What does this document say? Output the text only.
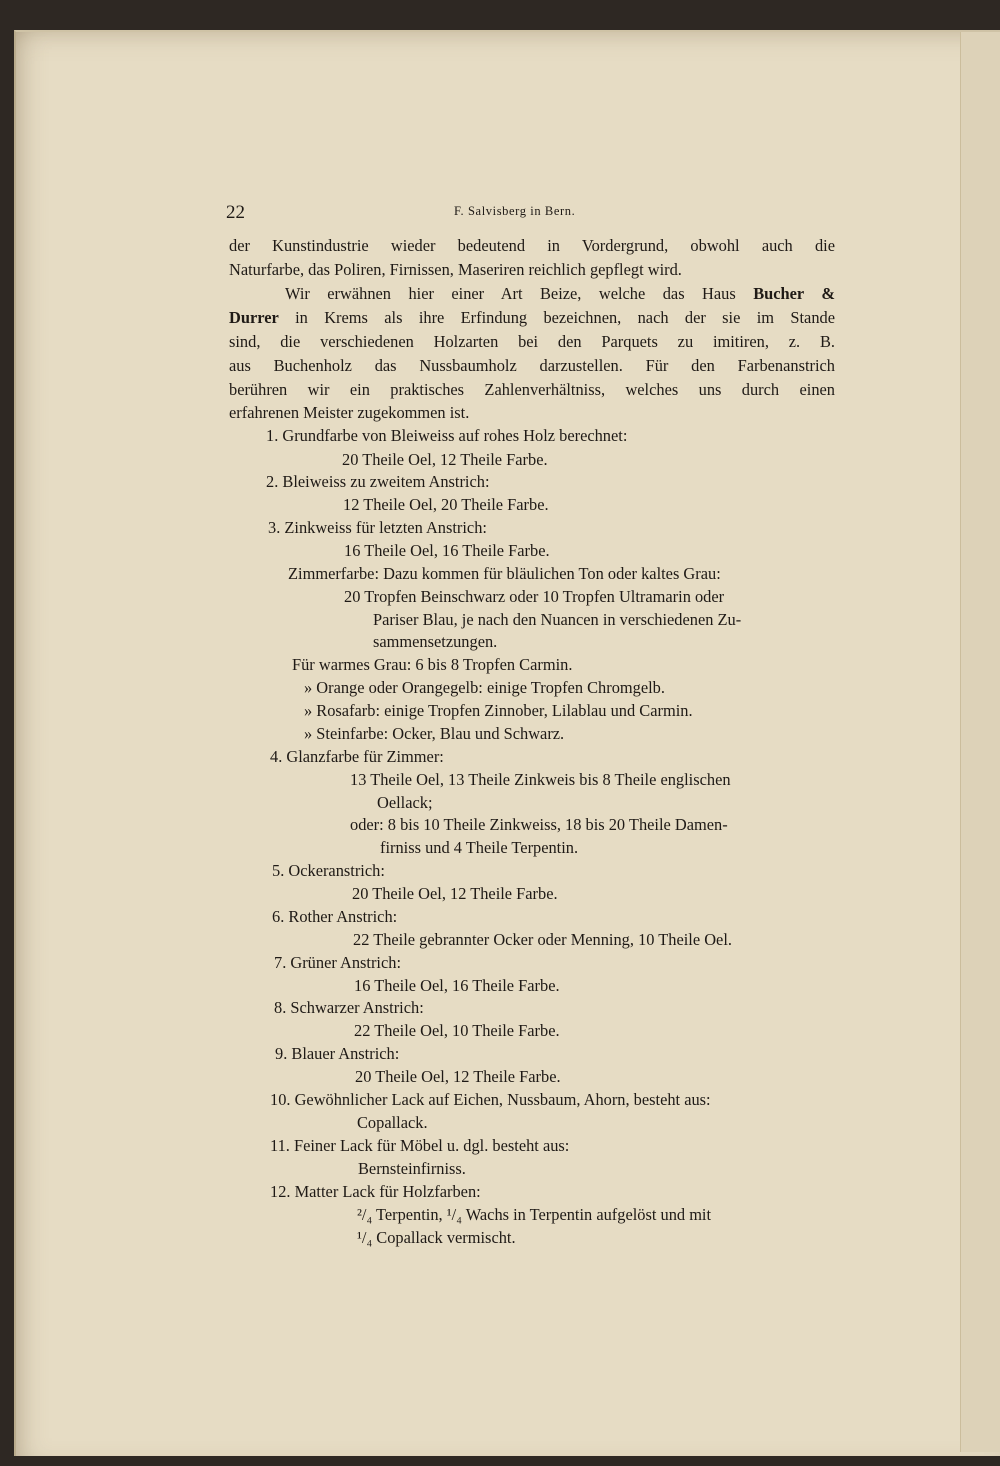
22	F. Salvisberg in Bern.
der Kunstindustrie wieder bedeutend in Vordergrund, obwohl auch die
Naturfarbe, das Poliren, Firnissen, Maseriren reichlich gepflegt wird.
Wir erwähnen hier einer Art Beize, welche das Haus Bucher &
Durrer in Krems als ihre Erfindung bezeichnen, nach der sie im Stande
sind, die verschiedenen Holzarten bei den Parquets zu imitiren, z. B.
aus Buchenholz das Nussbaumholz darzustellen. Für den Farbenanstrich
berühren wir ein praktisches Zahlenverhältniss, welches uns durch einen
erfahrenen Meister zugekommen ist.
1. Grundfarbe von Bleiweiss auf rohes Holz berechnet:
20 Theile Oel, 12 Theile Farbe.
2. Bleiweiss zu zweitem Anstrich:
12 Theile Oel, 20 Theile Farbe.
3. Zinkweiss für letzten Anstrich:
16 Theile Oel, 16 Theile Farbe.
Zimmerfarbe: Dazu kommen für bläulichen Ton oder kaltes Grau:
20 Tropfen Beinschwarz oder 10 Tropfen Ultramarin oder
Pariser Blau, je nach den Nuancen in verschiedenen Zu-
sammensetzungen.
Für warmes Grau: 6 bis 8 Tropfen Carmin.
» Orange oder Orangegelb: einige Tropfen Chromgelb.
» Rosafarb: einige Tropfen Zinnober, Lilablau und Carmin.
» Steinfarbe: Ocker, Blau und Schwarz.
4. Glanzfarbe für Zimmer:
13 Theile Oel, 13 Theile Zinkweis bis 8 Theile englischen
Oellack;
oder: 8 bis 10 Theile Zinkweiss, 18 bis 20 Theile Damen-
firniss und 4 Theile Terpentin.
5. Ockeranstrich:
20 Theile Oel, 12 Theile Farbe.
6. Rother Anstrich:
22 Theile gebrannter Ocker oder Menning, 10 Theile Oel.
7. Grüner Anstrich:
16 Theile Oel, 16 Theile Farbe.
8. Schwarzer Anstrich:
22 Theile Oel, 10 Theile Farbe.
9. Blauer Anstrich:
20 Theile Oel, 12 Theile Farbe.
10. Gewöhnlicher Lack auf Eichen, Nussbaum, Ahorn, besteht aus:
Copallack.
11. Feiner Lack für Möbel u. dgl. besteht aus:
Bernsteinfirniss.
12. Matter Lack für Holzfarben:
²/₄ Terpentin, ¹/₄ Wachs in Terpentin aufgelöst und mit
¹/₄ Copallack vermischt.
